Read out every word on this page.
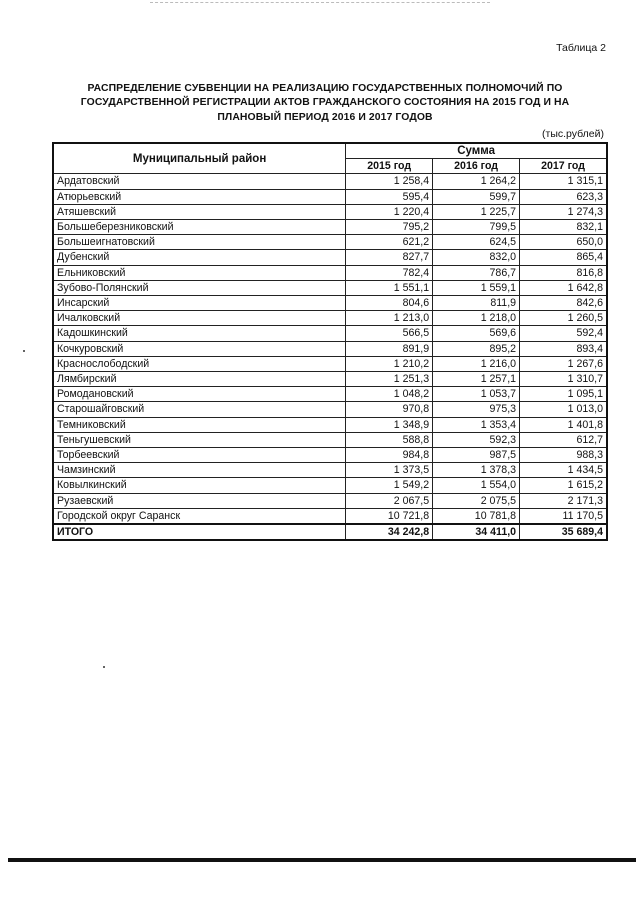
Таблица 2
РАСПРЕДЕЛЕНИЕ СУБВЕНЦИИ НА РЕАЛИЗАЦИЮ ГОСУДАРСТВЕННЫХ ПОЛНОМОЧИЙ ПО
ГОСУДАРСТВЕННОЙ РЕГИСТРАЦИИ АКТОВ ГРАЖДАНСКОГО СОСТОЯНИЯ НА 2015 ГОД И НА
ПЛАНОВЫЙ ПЕРИОД 2016 И 2017 ГОДОВ
(тыс.рублей)
Муниципальный район	Сумма		
	2015 год	2016 год	2017 год
Ардатовский	1 258,4	1 264,2	1 315,1
Атюрьевский	595,4	599,7	623,3
Атяшевский	1 220,4	1 225,7	1 274,3
Большеберезниковский	795,2	799,5	832,1
Большеигнатовский	621,2	624,5	650,0
Дубенский	827,7	832,0	865,4
Ельниковский	782,4	786,7	816,8
Зубово-Полянский	1 551,1	1 559,1	1 642,8
Инсарский	804,6	811,9	842,6
Ичалковский	1 213,0	1 218,0	1 260,5
Кадошкинский	566,5	569,6	592,4
Кочкуровский	891,9	895,2	893,4
Краснослободский	1 210,2	1 216,0	1 267,6
Лямбирский	1 251,3	1 257,1	1 310,7
Ромодановский	1 048,2	1 053,7	1 095,1
Старошайговский	970,8	975,3	1 013,0
Темниковский	1 348,9	1 353,4	1 401,8
Теньгушевский	588,8	592,3	612,7
Торбеевский	984,8	987,5	988,3
Чамзинский	1 373,5	1 378,3	1 434,5
Ковылкинский	1 549,2	1 554,0	1 615,2
Рузаевский	2 067,5	2 075,5	2 171,3
Городской округ Саранск	10 721,8	10 781,8	11 170,5
ИТОГО	34 242,8	34 411,0	35 689,4
